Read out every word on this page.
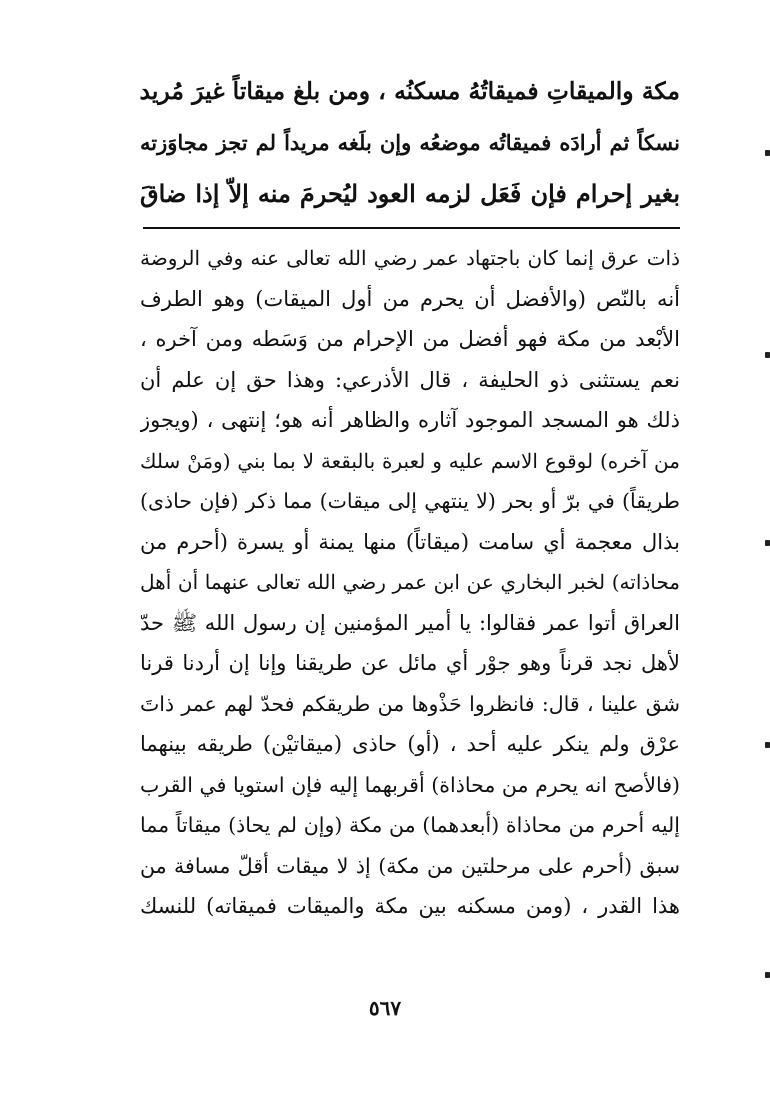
مكة والميقاتِ فميقاتُهُ مسكنُه ، ومن بلغ ميقاتاً غيرَ مُريد
نسكاً ثم أرادَه فميقاتُه موضعُه وإن بلَغه مريداً لم تجز مجاوَزته
بغير إحرام فإن فَعَل لزمه العود ليُحرمَ منه إلاّ إذا ضاقَ
ذات عرق إنما كان باجتهاد عمر رضي الله تعالى عنه وفي الروضة
أنه بالنّص (والأفضل أن يحرم من أول الميقات) وهو الطرف
الأبْعد من مكة فهو أفضل من الإحرام من وَسَطه ومن آخره ،
نعم يستثنى ذو الحليفة ، قال الأذرعي: وهذا حق إن علم أن
ذلك هو المسجد الموجود آثاره والظاهر أنه هو؛ إنتهى ، (ويجوز
من آخره) لوقوع الاسم عليه و لعبرة بالبقعة لا بما بني (ومَنْ سلك
طريقاً) في برّ أو بحر (لا ينتهي إلى ميقات) مما ذكر (فإن حاذى)
بذال معجمة أي سامت (ميقاتاً) منها يمنة أو يسرة (أحرم من
محاذاته) لخبر البخاري عن ابن عمر رضي الله تعالى عنهما أن أهل
العراق أتوا عمر فقالوا: يا أمير المؤمنين إن رسول الله ﷺ حدّ
لأهل نجد قرناً وهو جوْر أي مائل عن طريقنا وإنا إن أردنا قرنا
شق علينا ، قال: فانظروا حَذْوها من طريقكم فحدّ لهم عمر ذاتَ
عرْق ولم ينكر عليه أحد ، (أو) حاذى (ميقاتيْن) طريقه بينهما
(فالأصح انه يحرم من محاذاة) أقربهما إليه فإن استويا في القرب
إليه أحرم من محاذاة (أبعدهما) من مكة (وإن لم يحاذ) ميقاتاً مما
سبق (أحرم على مرحلتين من مكة) إذ لا ميقات أقلّ مسافة من
هذا القدر ، (ومن مسكنه بين مكة والميقات فميقاته) للنسك
٥٦٧
